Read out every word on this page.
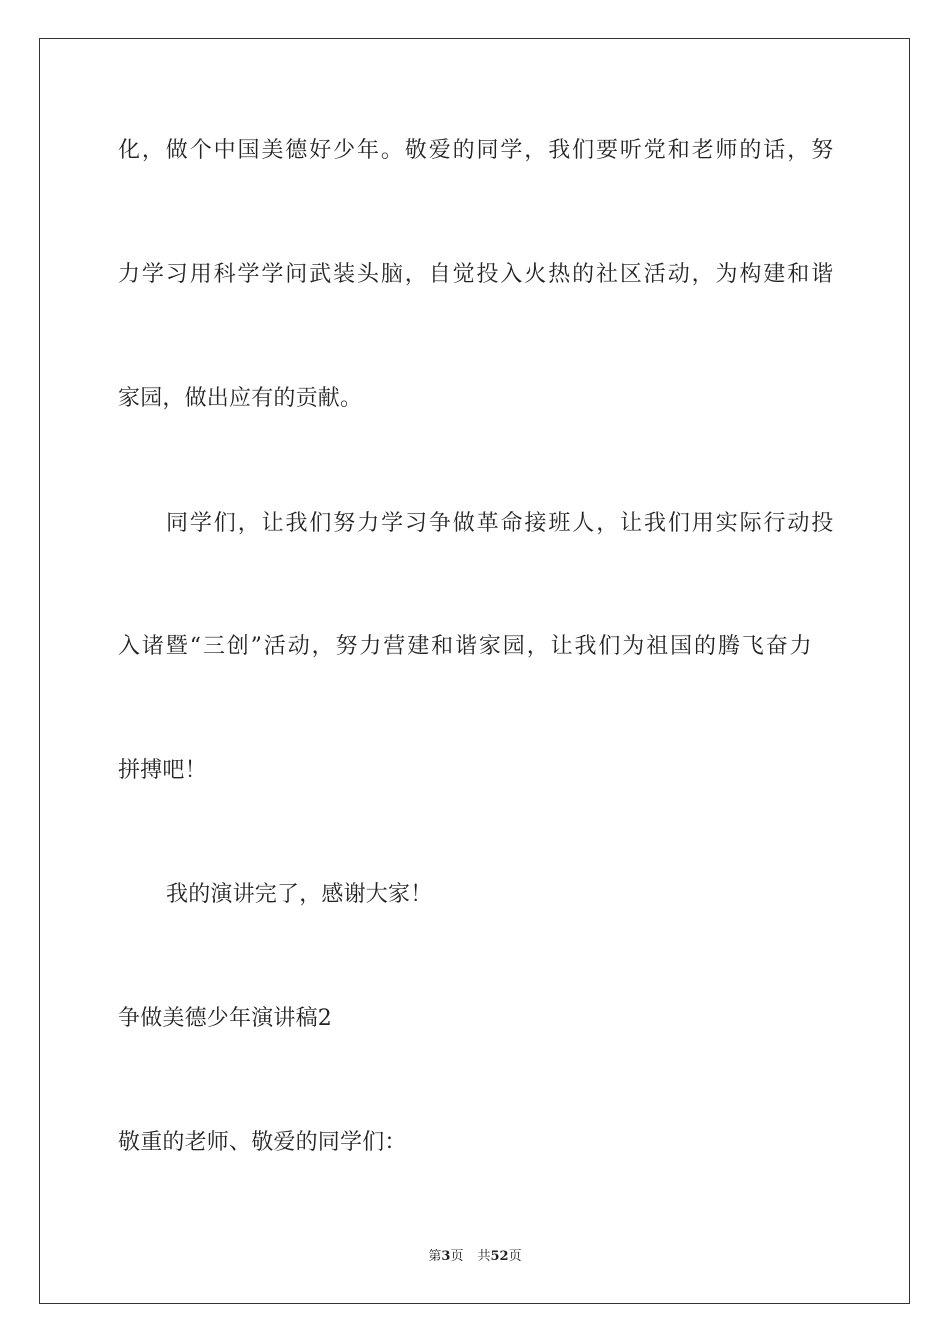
化，做个中国美德好少年。敬爱的同学，我们要听党和老师的话，努
力学习用科学学问武装头脑，自觉投入火热的社区活动，为构建和谐
家园，做出应有的贡献。
同学们，让我们努力学习争做革命接班人，让我们用实际行动投
入诸暨“三创”活动，努力营建和谐家园，让我们为祖国的腾飞奋力
拼搏吧！
我的演讲完了，感谢大家！
争做美德少年演讲稿2
敬重的老师、敬爱的同学们：
第3页 共52页
